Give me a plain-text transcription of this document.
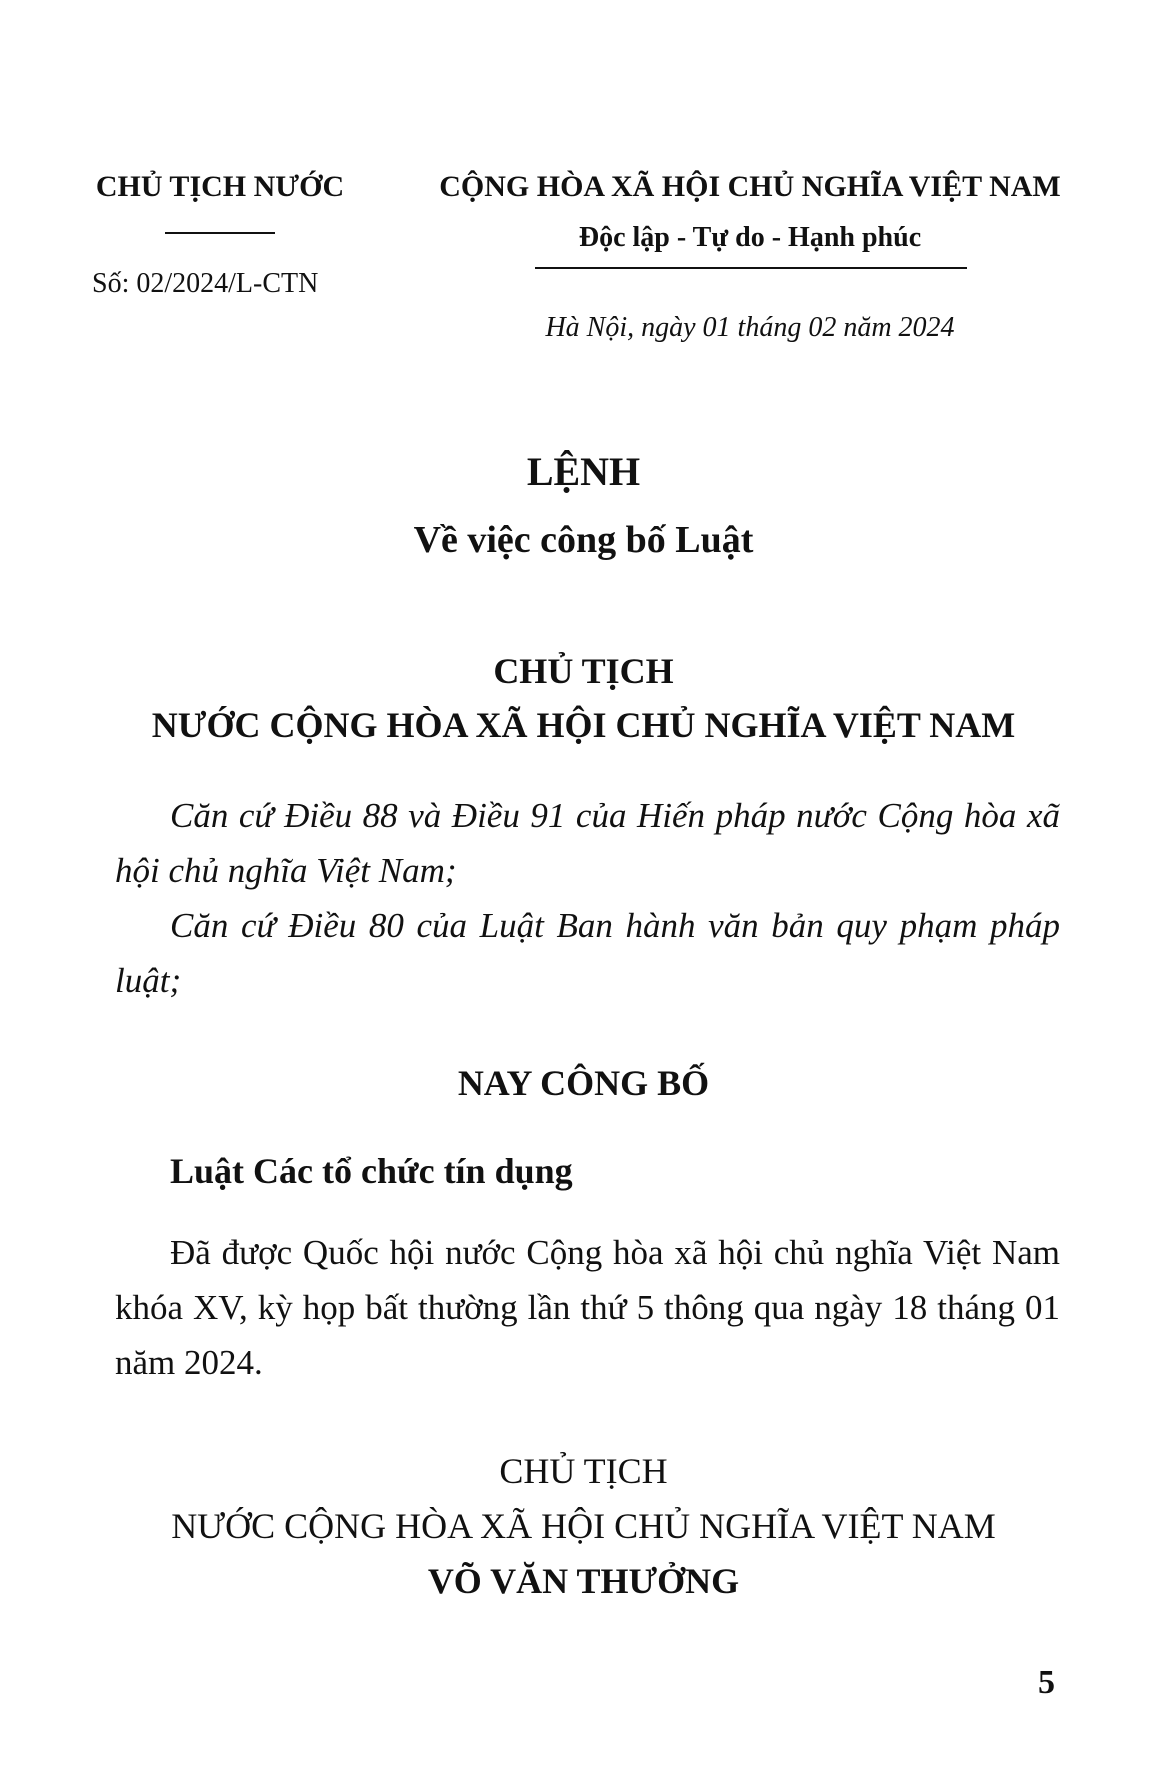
CHỦ TỊCH NƯỚC
Số: 02/2024/L-CTN
CỘNG HÒA XÃ HỘI CHỦ NGHĨA VIỆT NAM
Độc lập - Tự do - Hạnh phúc
Hà Nội, ngày 01 tháng 02 năm 2024
LỆNH
Về việc công bố Luật
CHỦ TỊCH
NƯỚC CỘNG HÒA XÃ HỘI CHỦ NGHĨA VIỆT NAM
Căn cứ Điều 88 và Điều 91 của Hiến pháp nước Cộng hòa xã hội chủ nghĩa Việt Nam;
Căn cứ Điều 80 của Luật Ban hành văn bản quy phạm pháp luật;
NAY CÔNG BỐ
Luật Các tổ chức tín dụng
Đã được Quốc hội nước Cộng hòa xã hội chủ nghĩa Việt Nam khóa XV, kỳ họp bất thường lần thứ 5 thông qua ngày 18 tháng 01 năm 2024.
CHỦ TỊCH
NƯỚC CỘNG HÒA XÃ HỘI CHỦ NGHĨA VIỆT NAM
VÕ VĂN THƯỞNG
5
